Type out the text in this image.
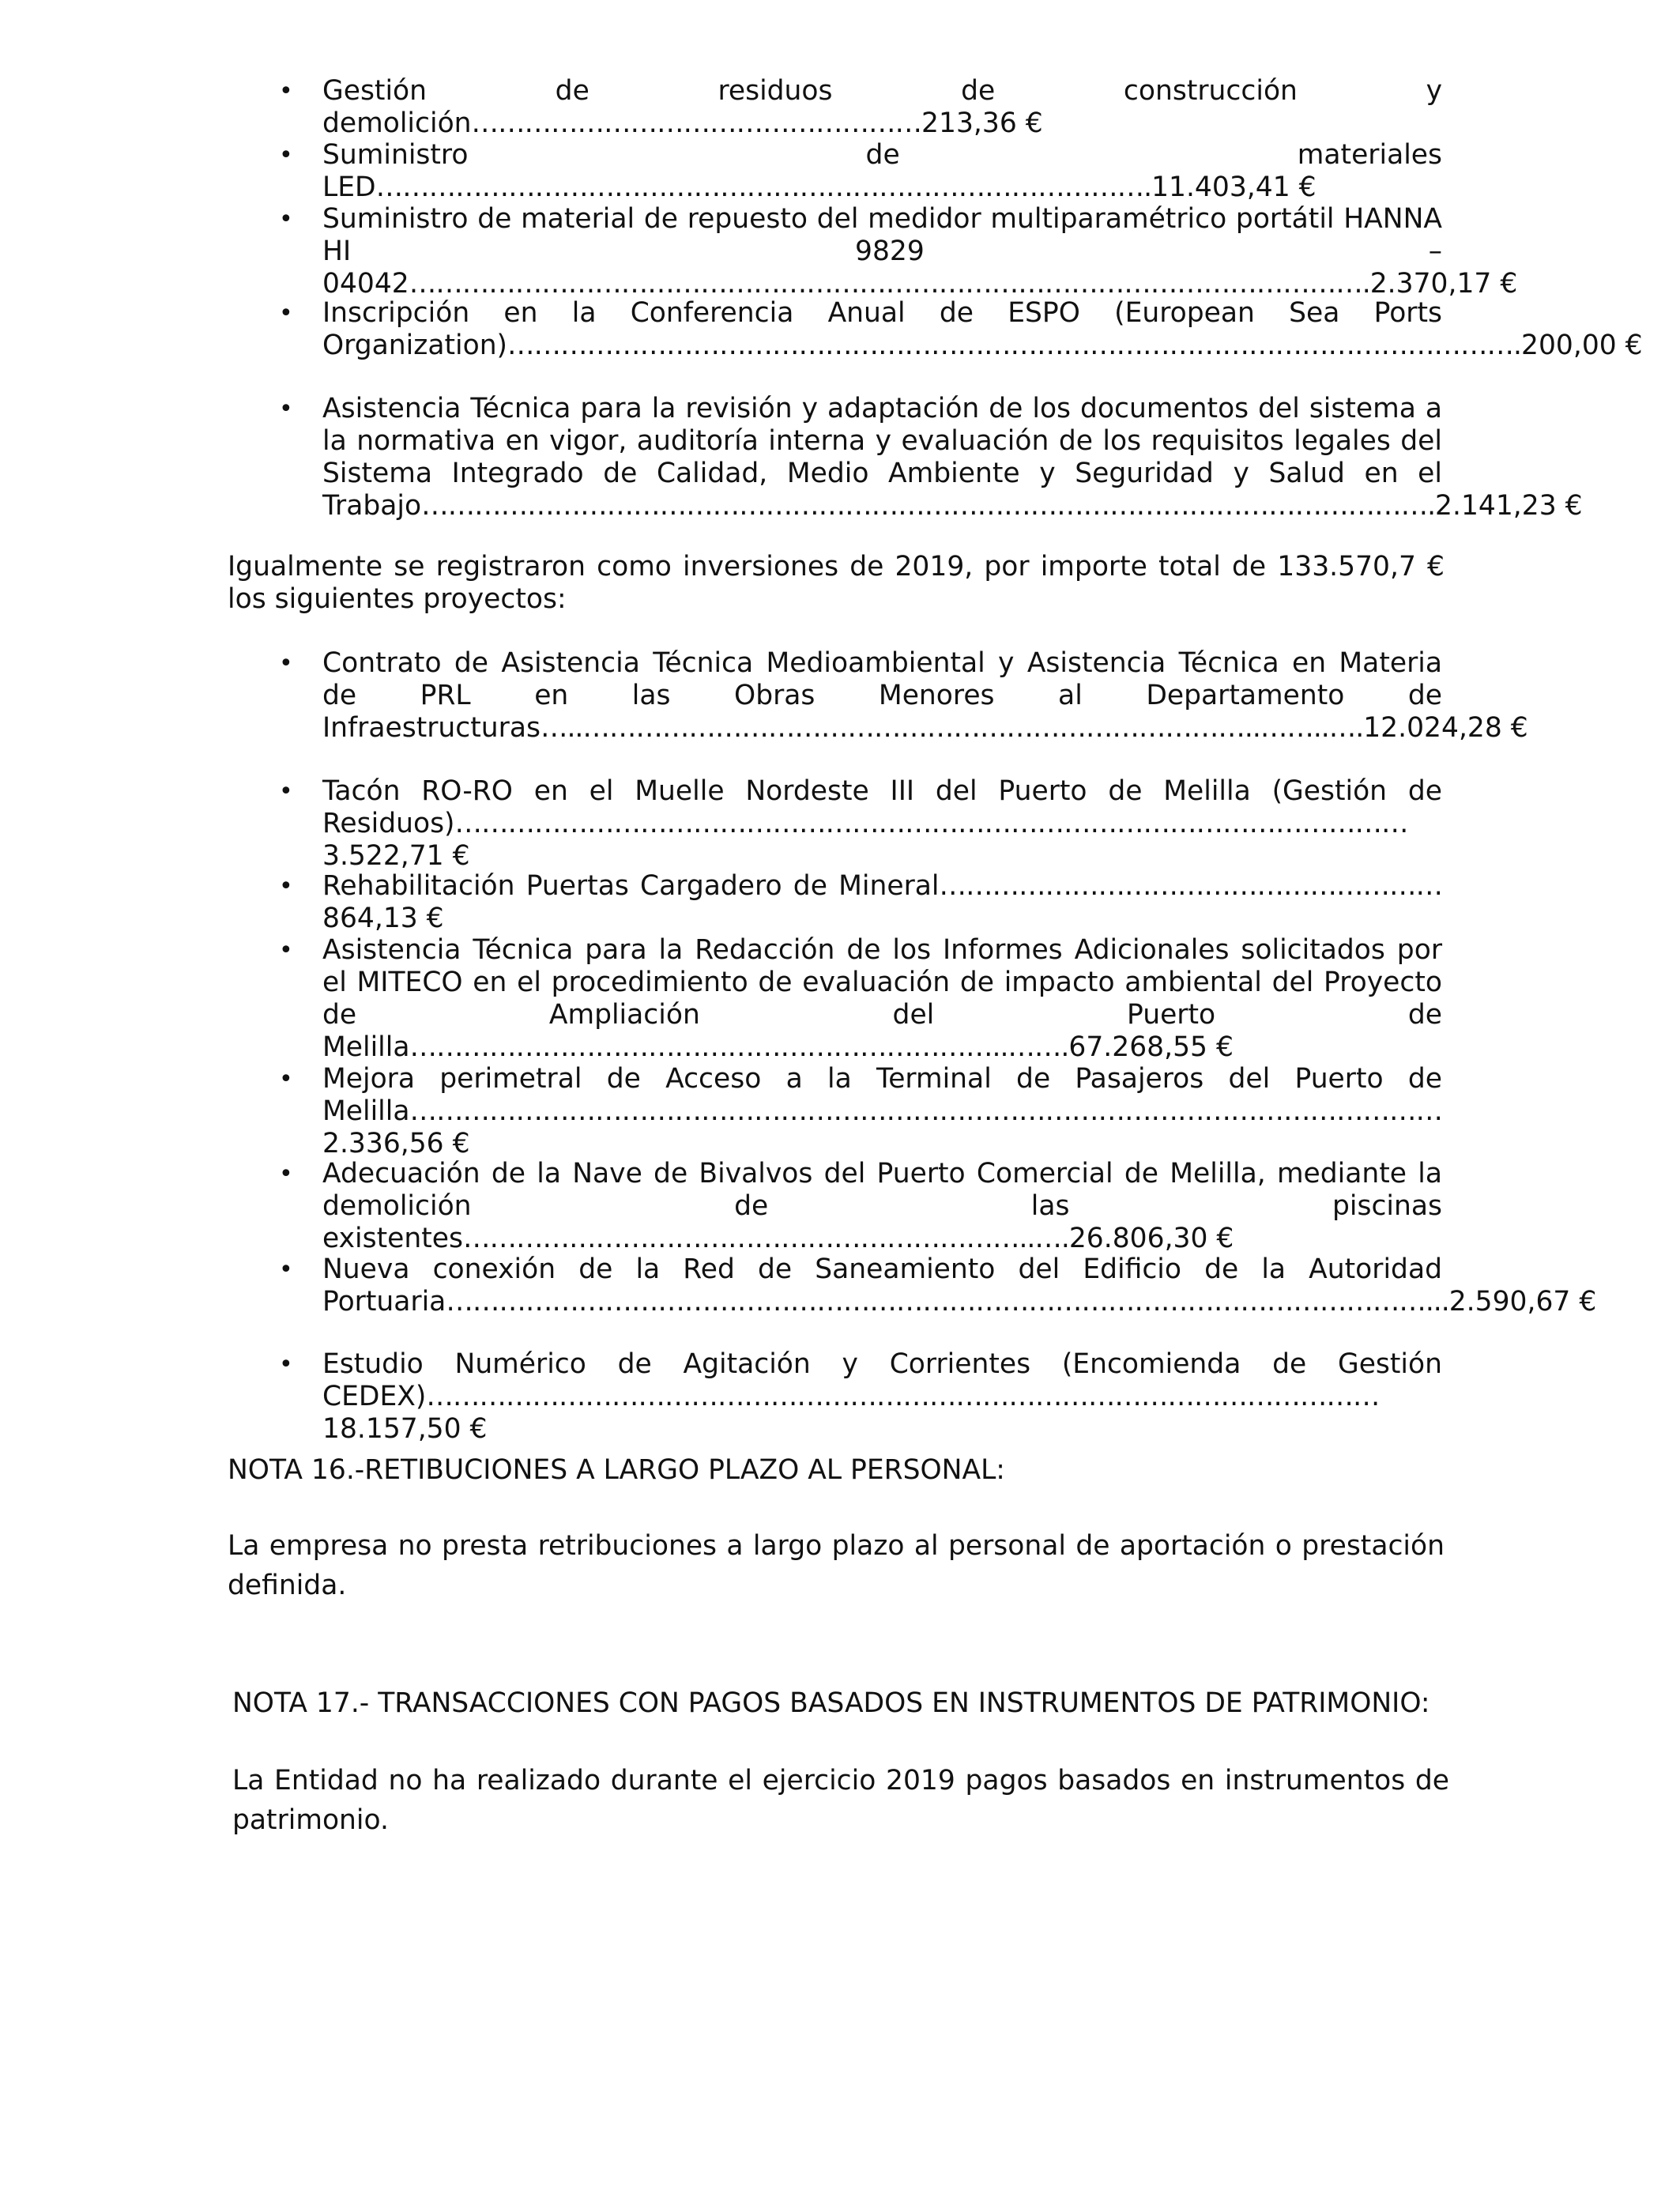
• Gestión de residuos de construcción y demolición……………………………………………213,36 €
• Suministro de materiales LED…………………………………………………………………………….11.403,41 €
• Suministro de material de repuesto del medidor multiparamétrico portátil HANNA HI 9829 – 04042……………………………………………………………………………………………….2.370,17 €
• Inscripción en la Conferencia Anual de ESPO (European Sea Ports Organization)…………………………………………………………………………………………………….200,00 €
• Asistencia Técnica para la revisión y adaptación de los documentos del sistema a la normativa en vigor, auditoría interna y evaluación de los requisitos legales del Sistema Integrado de Calidad, Medio Ambiente y Seguridad y Salud en el Trabajo…………………………………………………………………………………………………….2.141,23 €

Igualmente se registraron como inversiones de 2019, por importe total de 133.570,7 € los siguientes proyectos:

• Contrato de Asistencia Técnica Medioambiental y Asistencia Técnica en Materia de PRL en las Obras Menores al Departamento de Infraestructuras…..…………………………………………………………………..……..….12.024,28 €
• Tacón RO-RO en el Muelle Nordeste III del Puerto de Melilla (Gestión de Residuos)………………………………………………………………………………………………3.522,71 €
• Rehabilitación Puertas Cargadero de Mineral…………………………………………………864,13 €
• Asistencia Técnica para la Redacción de los Informes Adicionales solicitados por el MITECO en el procedimiento de evaluación de impacto ambiental del Proyecto de Ampliación del Puerto de Melilla…………………………………………………………..…….67.268,55 €
• Mejora perimetral de Acceso a la Terminal de Pasajeros del Puerto de Melilla………………………………………………………………………………………………………2.336,56 €
• Adecuación de la Nave de Bivalvos del Puerto Comercial de Melilla, mediante la demolición de las piscinas existentes………………………………………………………..….26.806,30 €
• Nueva conexión de la Red de Saneamiento del Edificio de la Autoridad Portuaria…………………………………………………………………………………………………...2.590,67 €
• Estudio Numérico de Agitación y Corrientes (Encomienda de Gestión CEDEX)………………………………………………………………………………………………18.157,50 €
NOTA 16.-RETIBUCIONES A LARGO PLAZO AL PERSONAL:

La empresa no presta retribuciones a largo plazo al personal de aportación o prestación definida.

NOTA 17.- TRANSACCIONES CON PAGOS BASADOS EN INSTRUMENTOS DE PATRIMONIO:

La Entidad no ha realizado durante el ejercicio 2019 pagos basados en instrumentos de patrimonio.
